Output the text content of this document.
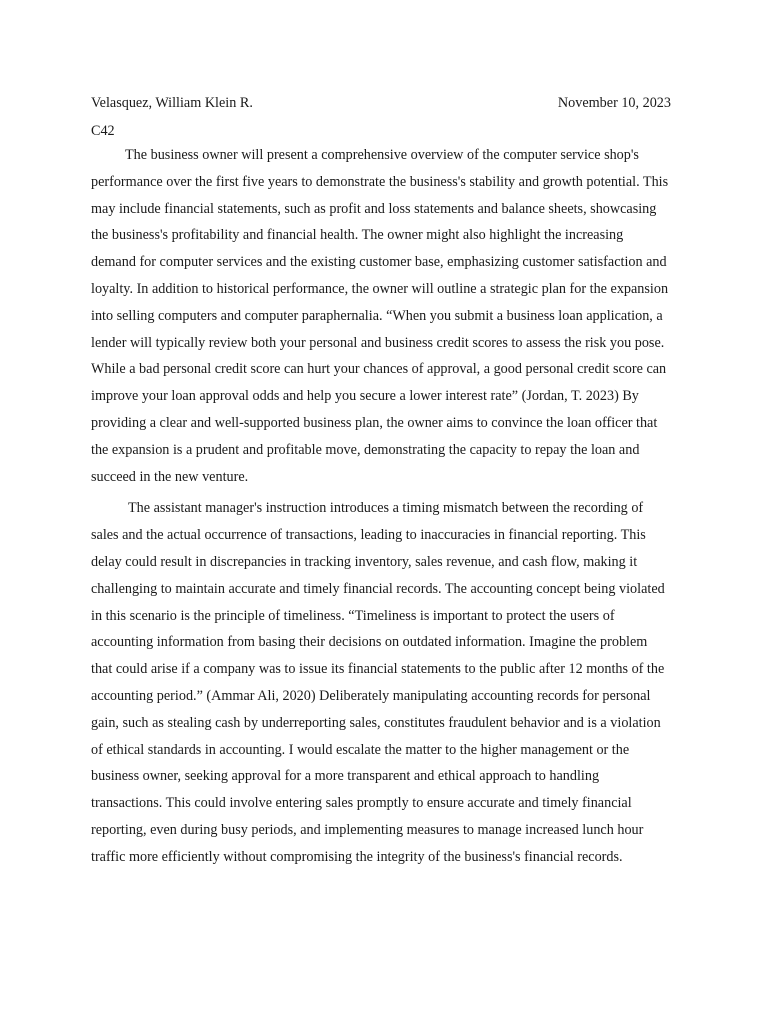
Velasquez, William Klein R.	November 10, 2023
C42

The business owner will present a comprehensive overview of the computer service shop's performance over the first five years to demonstrate the business's stability and growth potential. This may include financial statements, such as profit and loss statements and balance sheets, showcasing the business's profitability and financial health. The owner might also highlight the increasing demand for computer services and the existing customer base, emphasizing customer satisfaction and loyalty. In addition to historical performance, the owner will outline a strategic plan for the expansion into selling computers and computer paraphernalia. “When you submit a business loan application, a lender will typically review both your personal and business credit scores to assess the risk you pose. While a bad personal credit score can hurt your chances of approval, a good personal credit score can improve your loan approval odds and help you secure a lower interest rate” (Jordan, T. 2023) By providing a clear and well-supported business plan, the owner aims to convince the loan officer that the expansion is a prudent and profitable move, demonstrating the capacity to repay the loan and succeed in the new venture.

The assistant manager's instruction introduces a timing mismatch between the recording of sales and the actual occurrence of transactions, leading to inaccuracies in financial reporting. This delay could result in discrepancies in tracking inventory, sales revenue, and cash flow, making it challenging to maintain accurate and timely financial records. The accounting concept being violated in this scenario is the principle of timeliness. “Timeliness is important to protect the users of accounting information from basing their decisions on outdated information. Imagine the problem that could arise if a company was to issue its financial statements to the public after 12 months of the accounting period.” (Ammar Ali, 2020) Deliberately manipulating accounting records for personal gain, such as stealing cash by underreporting sales, constitutes fraudulent behavior and is a violation of ethical standards in accounting. I would escalate the matter to the higher management or the business owner, seeking approval for a more transparent and ethical approach to handling transactions. This could involve entering sales promptly to ensure accurate and timely financial reporting, even during busy periods, and implementing measures to manage increased lunch hour traffic more efficiently without compromising the integrity of the business's financial records.
